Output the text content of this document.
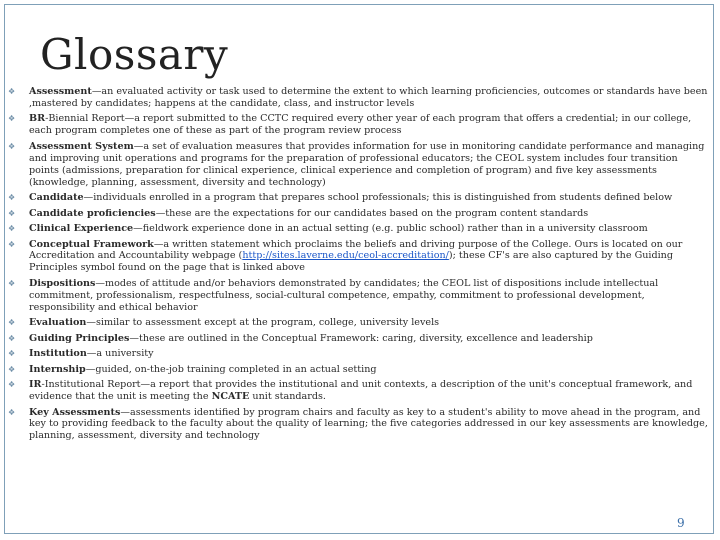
Glossary
❖ Assessment—an evaluated activity or task used to determine the extent to which learning proficiencies, outcomes or standards have been ,mastered by candidates; happens at the candidate, class, and instructor levels
❖ BR-Biennial Report—a report submitted to the CCTC required every other year of each program that offers a credential; in our college, each program completes one of these as part of the program review process
❖ Assessment System—a set of evaluation measures that provides information for use in monitoring candidate performance and managing and improving unit operations and programs for the preparation of professional educators; the CEOL system includes four transition points (admissions, preparation for clinical experience, clinical experience and completion of program) and five key assessments (knowledge, planning, assessment, diversity and technology)
❖ Candidate—individuals enrolled in a program that prepares school professionals; this is distinguished from students defined below
❖ Candidate proficiencies—these are the expectations for our candidates based on the program content standards
❖ Clinical Experience—fieldwork experience done in an actual setting (e.g. public school) rather than in a university classroom
❖ Conceptual Framework—a written statement which proclaims the beliefs and driving purpose of the College. Ours is located on our Accreditation and Accountability webpage (http://sites.laverne.edu/ceol-accreditation/); these CF's are also captured by the Guiding Principles symbol found on the page that is linked above
❖ Dispositions—modes of attitude and/or behaviors demonstrated by candidates; the CEOL list of dispositions include intellectual commitment, professionalism, respectfulness, social-cultural competence, empathy, commitment to professional development, responsibility and ethical behavior
❖ Evaluation—similar to assessment except at the program, college, university levels
❖ Guiding Principles—these are outlined in the Conceptual Framework: caring, diversity, excellence and leadership
❖ Institution—a university
❖ Internship—guided, on-the-job training completed in an actual setting
❖ IR-Institutional Report—a report that provides the institutional and unit contexts, a description of the unit's conceptual framework, and evidence that the unit is meeting the NCATE unit standards.
❖ Key Assessments—assessments identified by program chairs and faculty as key to a student's ability to move ahead in the program, and key to providing feedback to the faculty about the quality of learning; the five categories addressed in our key assessments are knowledge, planning, assessment, diversity and technology
9
